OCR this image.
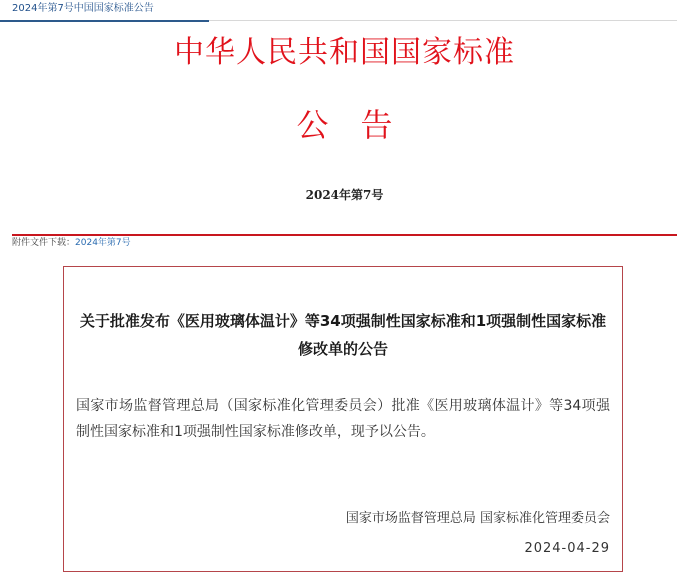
2024年第7号中国国家标准公告
中华人民共和国国家标准
公　告
2024年第7号
附件文件下载：2024年第7号
关于批准发布《医用玻璃体温计》等34项强制性国家标准和1项强制性国家标准修改单的公告
国家市场监督管理总局（国家标准化管理委员会）批准《医用玻璃体温计》等34项强制性国家标准和1项强制性国家标准修改单，现予以公告。
国家市场监督管理总局 国家标准化管理委员会
2024-04-29
